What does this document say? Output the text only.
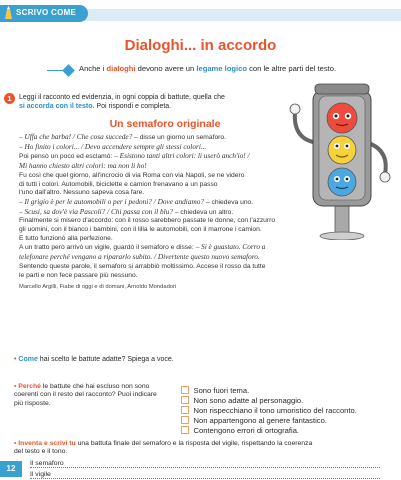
SCRIVO COME
Dialoghi... in accordo
Anche i dialoghi devono avere un legame logico con le altre parti del testo.
1	Leggi il racconto ed evidenzia, in ogni coppia di battute, quella che
si accorda con il testo. Poi rispondi e completa.
Un semaforo originale

– Uffa che barba! / Che cosa succede? – disse un giorno un semaforo.

– Ho finito i colori... / Devo accendere sempre gli stessi colori...

Poi pensò un poco ed esclamò: – Esistono tanti altri colori: li userò anch'io! /

Mi hanno chiesto altri colori: ma non li ho!

Fu così che quel giorno, all'incrocio di via Roma con via Napoli, se ne videro

di tutti i colori. Automobili, biciclette e camion frenavano a un passo

l'uno dall'altro. Nessuno sapeva cosa fare.

– Il grigio è per le automobili o per i pedoni? / Dove andiamo? – chiedeva uno.

– Scusi, sa dov'è via Pascoli? / Chi passa con il blu? – chiedeva un altro.

Finalmente si misero d'accordo: con il rosso sarebbero passate le donne, con l'azzurro

gli uomini, con il bianco i bambini, con il lilla le automobili, con il marrone i camion.

E tutto funzionò alla perfezione.

A un tratto però arrivò un vigile, guardò il semaforo e disse: – Si è guastato. Corro a

telefonare perché vengano a ripararlo subito. / Divertente questo nuovo semaforo.

Sentendo queste parole, il semaforo si arrabbiò moltissimo. Accese il rosso da tutte

le parti e non fece passare più nessuno.

Marcello Argilli, Fiabe di oggi e di domani, Arnoldo Mondadori

• Come hai scelto le battute adatte? Spiega a voce.
• Perché le battute che hai escluso non sono coerenti con il resto del racconto? Puoi indicare più risposte.
Sono fuori tema.
Non sono adatte al personaggio.
Non rispecchiano il tono umoristico del racconto.
Non appartengono al genere fantastico.
Contengono errori di ortografia.
• Inventa e scrivi tu una battuta finale del semaforo e la risposta del vigile, rispettando la coerenza del testo e il tono.
12
Il semaforo
Il vigile
